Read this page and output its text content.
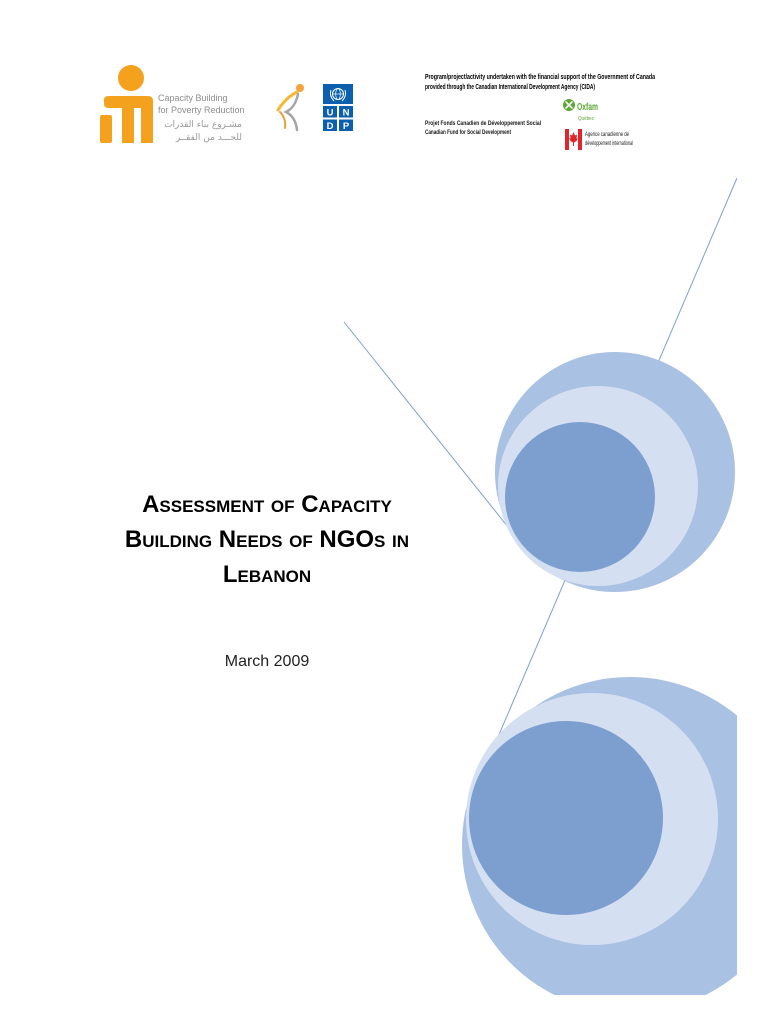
Capacity Building
for Poverty Reduction
مشـروع بناء القدرات
للحـــد من الفقــر
U N
D P
Program/project/activity undertaken with the financial support of the Government of Canada
provided through the Canadian International Development Agency (CIDA)
Oxfam
Québec
Projet Fonds Canadien de Développement Social
Canadian Fund for Social Development	Agence canadienne de
développement international
Assessment of Capacity
Building Needs of NGOs in
Lebanon
March 2009
